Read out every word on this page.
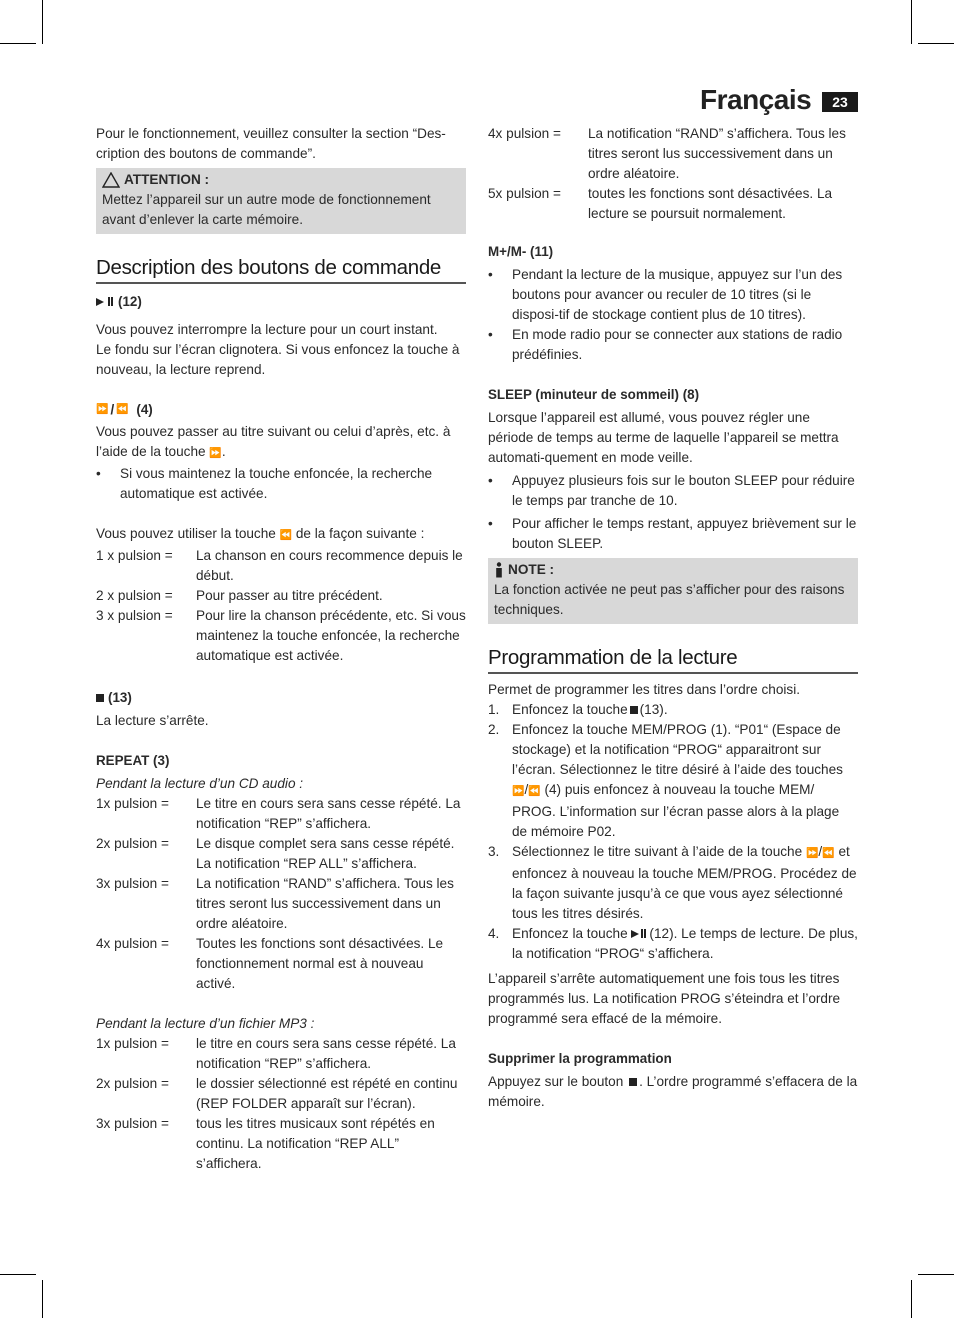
Français	23

Pour le fonctionnement, veuillez consulter la section “Des-cription des boutons de commande”.

ATTENTION :

Mettez l’appareil sur un autre mode de fonctionnement avant d’enlever la carte mémoire.

Description des boutons de commande
(12)

Vous pouvez interrompre la lecture pour un court instant.

Le fondu sur l’écran clignotera. Si vous enfoncez la touche à nouveau, la lecture reprend.

⏩ / ⏪
(4)

Vous pouvez passer au titre suivant ou celui d’après, etc. à l’aide de la touche ⏩.

•	Si vous maintenez la touche enfoncée, la recherche automatique est activée.

Vous pouvez utiliser la touche ⏪ de la façon suivante :

1 x pulsion =	La chanson en cours recommence depuis le début.
2 x pulsion =	Pour passer au titre précédent.
3 x pulsion =	Pour lire la chanson précédente, etc. Si vous maintenez la touche enfoncée, la recherche automatique est activée.
(13)

La lecture s’arrête.

REPEAT (3)

Pendant la lecture d’un CD audio :

1x pulsion =	Le titre en cours sera sans cesse répété. La notification “REP” s’affichera.
2x pulsion =	Le disque complet sera sans cesse répété. La notification “REP ALL” s’affichera.
3x pulsion =	La notification “RAND” s’affichera. Tous les titres seront lus successivement dans un ordre aléatoire.
4x pulsion =	Toutes les fonctions sont désactivées. Le fonctionnement normal est à nouveau activé.

Pendant la lecture d’un fichier MP3 :

1x pulsion =	le titre en cours sera sans cesse répété. La notification “REP” s’affichera.
2x pulsion =	le dossier sélectionné est répété en continu (REP FOLDER apparaît sur l’écran).
3x pulsion =	tous les titres musicaux sont répétés en continu. La notification “REP ALL” s’affichera.
4x pulsion =	La notification “RAND” s’affichera. Tous les titres seront lus successivement dans un ordre aléatoire.
5x pulsion =	toutes les fonctions sont désactivées. La lecture se poursuit normalement.
M+/M- (11)
•	Pendant la lecture de la musique, appuyez sur l’un des boutons pour avancer ou reculer de 10 titres (si le disposi-tif de stockage contient plus de 10 titres).
•	En mode radio pour se connecter aux stations de radio prédéfinies.
SLEEP (minuteur de sommeil) (8)

Lorsque l’appareil est allumé, vous pouvez régler une période de temps au terme de laquelle l’appareil se mettra automati-quement en mode veille.

•	Appuyez plusieurs fois sur le bouton SLEEP pour réduire le temps par tranche de 10.
•	Pour afficher le temps restant, appuyez brièvement sur le bouton SLEEP.
NOTE :

La fonction activée ne peut pas s’afficher pour des raisons techniques.

Programmation de la lecture

Permet de programmer les titres dans l’ordre choisi.

1. Enfoncez la touche (13).
2. Enfoncez la touche MEM/PROG (1). “P01“ (Espace de stockage) et la notification “PROG“ apparaitront sur l’écran. Sélectionnez le titre désiré à l’aide des touches ⏩/⏪ (4) puis enfoncez à nouveau la touche MEM/ PROG. L’information sur l’écran passe alors à la plage de mémoire P02.
3. Sélectionnez le titre suivant à l’aide de la touche ⏩/⏪ et enfoncez à nouveau la touche MEM/PROG. Procédez de la façon suivante jusqu’à ce que vous ayez sélectionné tous les titres désirés.
4. Enfoncez la touche (12). Le temps de lecture. De plus, la notification “PROG“ s’affichera.

L’appareil s’arrête automatiquement une fois tous les titres programmés lus. La notification PROG s’éteindra et l’ordre programmé sera effacé de la mémoire.

Supprimer la programmation

Appuyez sur le bouton . L’ordre programmé s’effacera de la mémoire.
